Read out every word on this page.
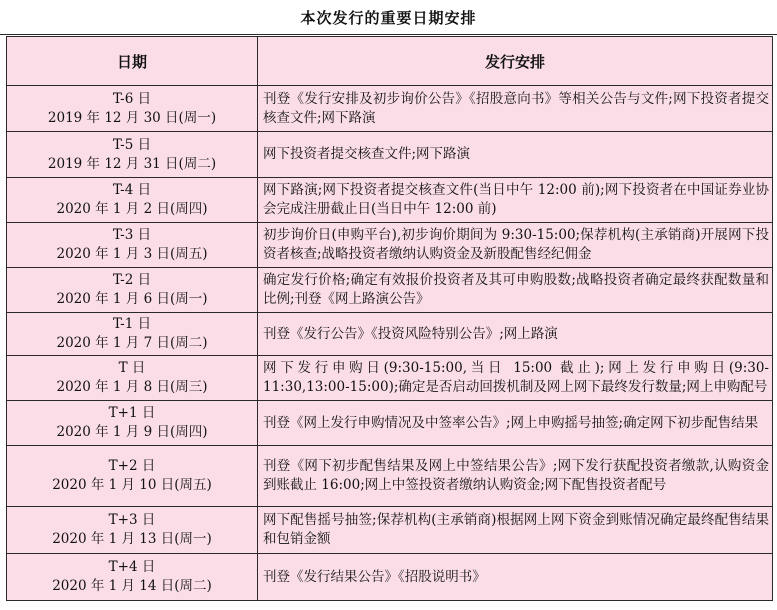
本次发行的重要日期安排
日期	发行安排

T-6 日
2019 年 12 月 30 日(周一)	刊登《发行安排及初步询价公告》《招股意向书》等相关公告与文件;网下投资者提交核查文件;网下路演

T-5 日
2019 年 12 月 31 日(周二)	网下投资者提交核查文件;网下路演

T-4 日
2020 年 1 月 2 日(周四)	网下路演;网下投资者提交核查文件(当日中午 12:00 前);网下投资者在中国证券业协会完成注册截止日(当日中午 12:00 前)

T-3 日
2020 年 1 月 3 日(周五)	初步询价日(申购平台),初步询价期间为 9:30-15:00;保荐机构(主承销商)开展网下投资者核查;战略投资者缴纳认购资金及新股配售经纪佣金

T-2 日
2020 年 1 月 6 日(周一)	确定发行价格;确定有效报价投资者及其可申购股数;战略投资者确定最终获配数量和比例;刊登《网上路演公告》

T-1 日
2020 年 1 月 7 日(周二)	刊登《发行公告》《投资风险特别公告》;网上路演

T 日
2020 年 1 月 8 日(周三)	网下发行申购日(9:30-15:00,当日 15:00 截止);网上发行申购日(9:30-11:30,13:00-15:00);确定是否启动回拨机制及网上网下最终发行数量;网上申购配号

T+1 日
2020 年 1 月 9 日(周四)	刊登《网上发行申购情况及中签率公告》;网上申购摇号抽签;确定网下初步配售结果

T+2 日
2020 年 1 月 10 日(周五)	刊登《网下初步配售结果及网上中签结果公告》;网下发行获配投资者缴款,认购资金到账截止 16:00;网上中签投资者缴纳认购资金;网下配售投资者配号

T+3 日
2020 年 1 月 13 日(周一)	网下配售摇号抽签;保荐机构(主承销商)根据网上网下资金到账情况确定最终配售结果和包销金额

T+4 日
2020 年 1 月 14 日(周二)	刊登《发行结果公告》《招股说明书》
